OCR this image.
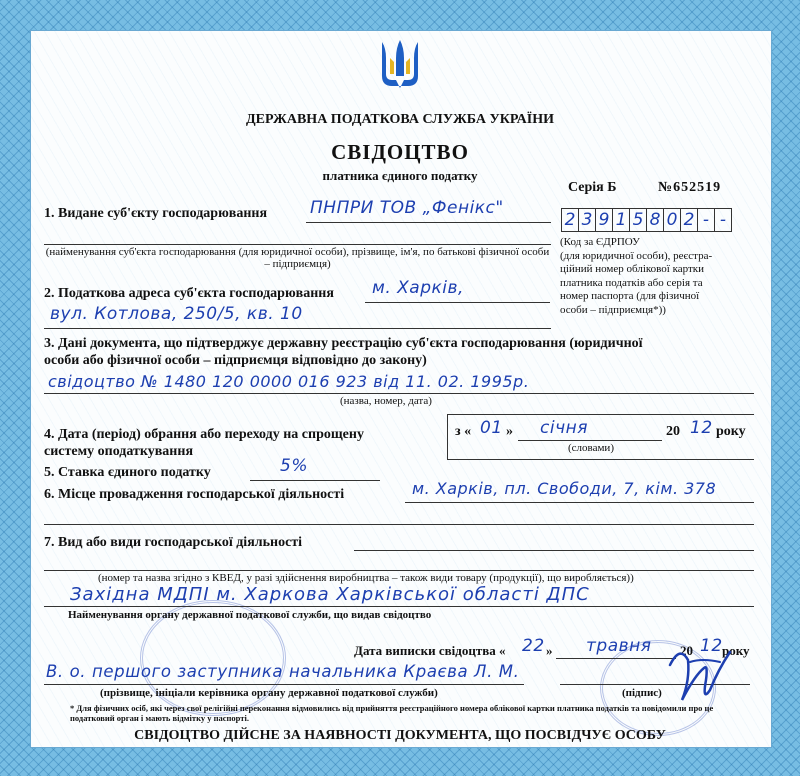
ДЕРЖАВНА ПОДАТКОВА СЛУЖБА УКРАЇНИ
СВІДОЦТВО
платника єдиного податку
Серія Б	№652519
1. Видане суб'єкту господарювання	ПНПРИ ТОВ „Фенікс"
(найменування суб'єкта господарювання (для юридичної особи), прізвище, ім'я, по батькові фізичної особи – підприємця)
2 3 9 1 5 8 0 2 - -
(Код за ЄДРПОУ
(для юридичної особи), реєстра-
ційний номер облікової картки
платника податків або серія та
номер паспорта (для фізичної
особи – підприємця*))
2. Податкова адреса суб'єкта господарювання м. Харків,
вул. Котлова, 250/5, кв. 10
3. Дані документа, що підтверджує державну реєстрацію суб'єкта господарювання (юридичної
особи або фізичної особи – підприємця відповідно до закону)
свідоцтво № 1480 120 0000 016 923 від 11. 02. 1995р.
(назва, номер, дата)
4. Дата (період) обрання або переходу на спрощену
систему оподаткування
з « 01 » січня	20 12 року
(словами)
5. Ставка єдиного податку	5%
6. Місце провадження господарської діяльності	м. Харків, пл. Свободи, 7, кім. 378
7. Вид або види господарської діяльності
(номер та назва згідно з КВЕД, у разі здійснення виробництва – також види товару (продукції), що виробляється))
Західна МДПІ м. Харкова Харківської області ДПС
Найменування органу державної податкової служби, що видав свідоцтво
Дата виписки свідоцтва « 22 » травня 20 12 року
В. о. першого заступника начальника Краєва Л. М.
(прізвище, ініціали керівника органу державної податкової служби)	(підпис)
* Для фізичних осіб, які через свої релігійні переконання відмовились від прийняття реєстраційного номера облікової картки платника податків та повідомили про це
податковий орган і мають відмітку у паспорті.
СВІДОЦТВО ДІЙСНЕ ЗА НАЯВНОСТІ ДОКУМЕНТА, ЩО ПОСВІДЧУЄ ОСОБУ
